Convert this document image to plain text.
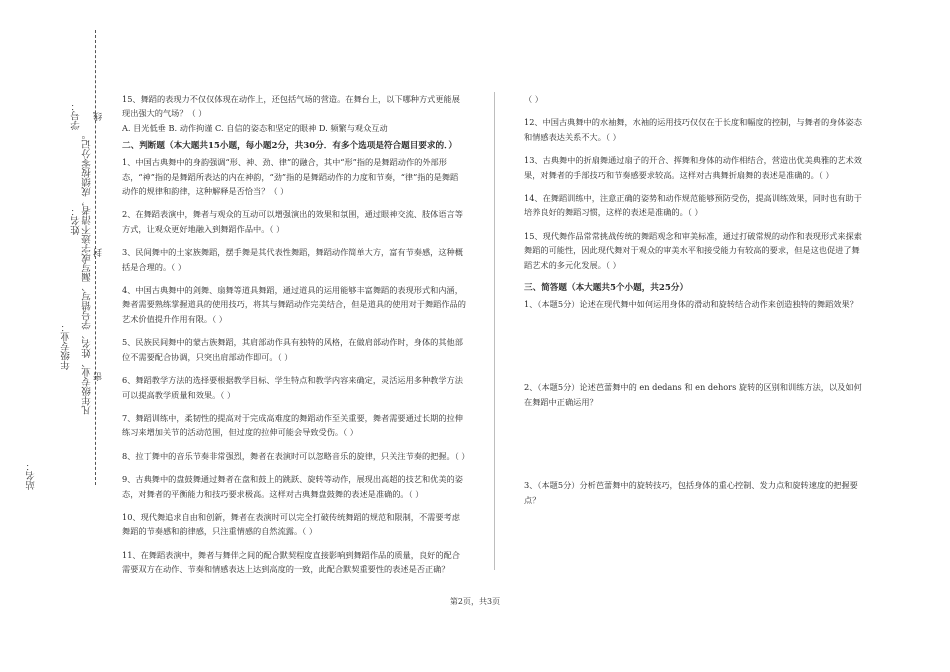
学号：
姓名： 凡年级专业、姓名、学号错写、漏写或字迹不清者，成绩按零分记。
年级专业：
站名：
线
封
密
15、舞蹈的表现力不仅仅体现在动作上，还包括气场的营造。在舞台上，以下哪种方式更能展现出强大的气场？（ ）
A. 目光低垂 B. 动作拘谨 C. 自信的姿态和坚定的眼神 D. 频繁与观众互动
二、判断题（本大题共15小题，每小题2分，共30分．有多个选项是符合题目要求的．）
1、中国古典舞中的身韵强调“形、神、劲、律”的融合，其中“形”指的是舞蹈动作的外部形态，“神”指的是舞蹈所表达的内在神韵，“劲”指的是舞蹈动作的力度和节奏，“律”指的是舞蹈动作的规律和韵律，这种解释是否恰当？（ ）
2、在舞蹈表演中，舞者与观众的互动可以增强演出的效果和氛围，通过眼神交流、肢体语言等方式，让观众更好地融入到舞蹈作品中。（ ）
3、民间舞中的土家族舞蹈，摆手舞是其代表性舞蹈，舞蹈动作简单大方，富有节奏感，这种概括是合理的。（ ）
4、中国古典舞中的剑舞、扇舞等道具舞蹈，通过道具的运用能够丰富舞蹈的表现形式和内涵，舞者需要熟练掌握道具的使用技巧，将其与舞蹈动作完美结合，但是道具的使用对于舞蹈作品的艺术价值提升作用有限。（ ）
5、民族民间舞中的蒙古族舞蹈，其肩部动作具有独特的风格，在做肩部动作时，身体的其他部位不需要配合协调，只突出肩部动作即可。（ ）
6、舞蹈教学方法的选择要根据教学目标、学生特点和教学内容来确定，灵活运用多种教学方法可以提高教学质量和效果。（ ）
7、舞蹈训练中，柔韧性的提高对于完成高难度的舞蹈动作至关重要，舞者需要通过长期的拉伸练习来增加关节的活动范围，但过度的拉伸可能会导致受伤。（ ）
8、拉丁舞中的音乐节奏非常强烈，舞者在表演时可以忽略音乐的旋律，只关注节奏的把握。（ ）
9、古典舞中的盘鼓舞通过舞者在盘和鼓上的跳跃、旋转等动作，展现出高超的技艺和优美的姿态，对舞者的平衡能力和技巧要求极高。这样对古典舞盘鼓舞的表述是准确的。（ ）
10、现代舞追求自由和创新，舞者在表演时可以完全打破传统舞蹈的规范和限制，不需要考虑舞蹈的节奏感和韵律感，只注重情感的自然流露。（ ）
11、在舞蹈表演中，舞者与舞伴之间的配合默契程度直接影响到舞蹈作品的质量，良好的配合需要双方在动作、节奏和情感表达上达到高度的一致，此配合默契重要性的表述是否正确？
（ ）
12、中国古典舞中的水袖舞，水袖的运用技巧仅仅在于长度和幅度的控制，与舞者的身体姿态和情感表达关系不大。（ ）
13、古典舞中的折扇舞通过扇子的开合、挥舞和身体的动作相结合，营造出优美典雅的艺术效果，对舞者的手部技巧和节奏感要求较高。这样对古典舞折扇舞的表述是准确的。（ ）
14、在舞蹈训练中，注意正确的姿势和动作规范能够预防受伤，提高训练效果，同时也有助于培养良好的舞蹈习惯，这样的表述是准确的。（ ）
15、现代舞作品常常挑战传统的舞蹈观念和审美标准，通过打破常规的动作和表现形式来探索舞蹈的可能性，因此现代舞对于观众的审美水平和接受能力有较高的要求，但是这也促进了舞蹈艺术的多元化发展。（ ）
三、简答题（本大题共5个小题，共25分）
1、（本题5分）论述在现代舞中如何运用身体的滑动和旋转结合动作来创造独特的舞蹈效果？
2、（本题5分）论述芭蕾舞中的 en dedans 和 en dehors 旋转的区别和训练方法，以及如何在舞蹈中正确运用？
3、（本题5分）分析芭蕾舞中的旋转技巧，包括身体的重心控制、发力点和旋转速度的把握要点？
第2页，共3页
